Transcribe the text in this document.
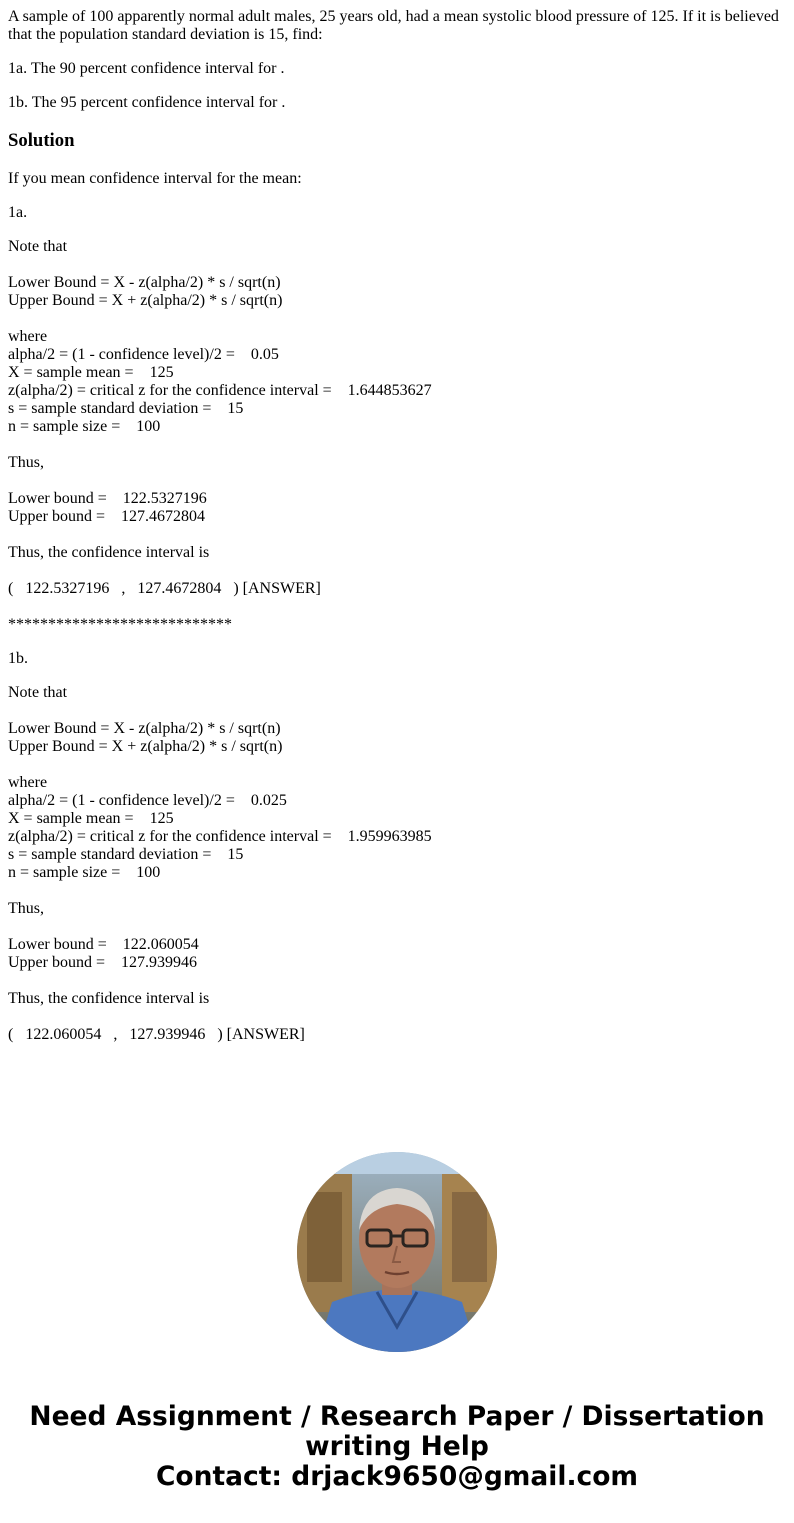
A sample of 100 apparently normal adult males, 25 years old, had a mean systolic blood pressure of 125. If it is believed that the population standard deviation is 15, find:

1a. The 90 percent confidence interval for .

1b. The 95 percent confidence interval for .

Solution

If you mean confidence interval for the mean:

1a.

Note that

Lower Bound = X - z(alpha/2) * s / sqrt(n)
Upper Bound = X + z(alpha/2) * s / sqrt(n)

where
alpha/2 = (1 - confidence level)/2 =    0.05
X = sample mean =    125
z(alpha/2) = critical z for the confidence interval =    1.644853627
s = sample standard deviation =    15
n = sample size =    100

Thus,

Lower bound =    122.5327196
Upper bound =    127.4672804

Thus, the confidence interval is

(   122.5327196   ,   127.4672804   ) [ANSWER]

****************************

1b.

Note that

Lower Bound = X - z(alpha/2) * s / sqrt(n)
Upper Bound = X + z(alpha/2) * s / sqrt(n)

where
alpha/2 = (1 - confidence level)/2 =    0.025
X = sample mean =    125
z(alpha/2) = critical z for the confidence interval =    1.959963985
s = sample standard deviation =    15
n = sample size =    100

Thus,

Lower bound =    122.060054
Upper bound =    127.939946

Thus, the confidence interval is

(   122.060054   ,   127.939946   ) [ANSWER]

Need Assignment / Research Paper / Dissertation
writing Help
Contact: drjack9650@gmail.com
